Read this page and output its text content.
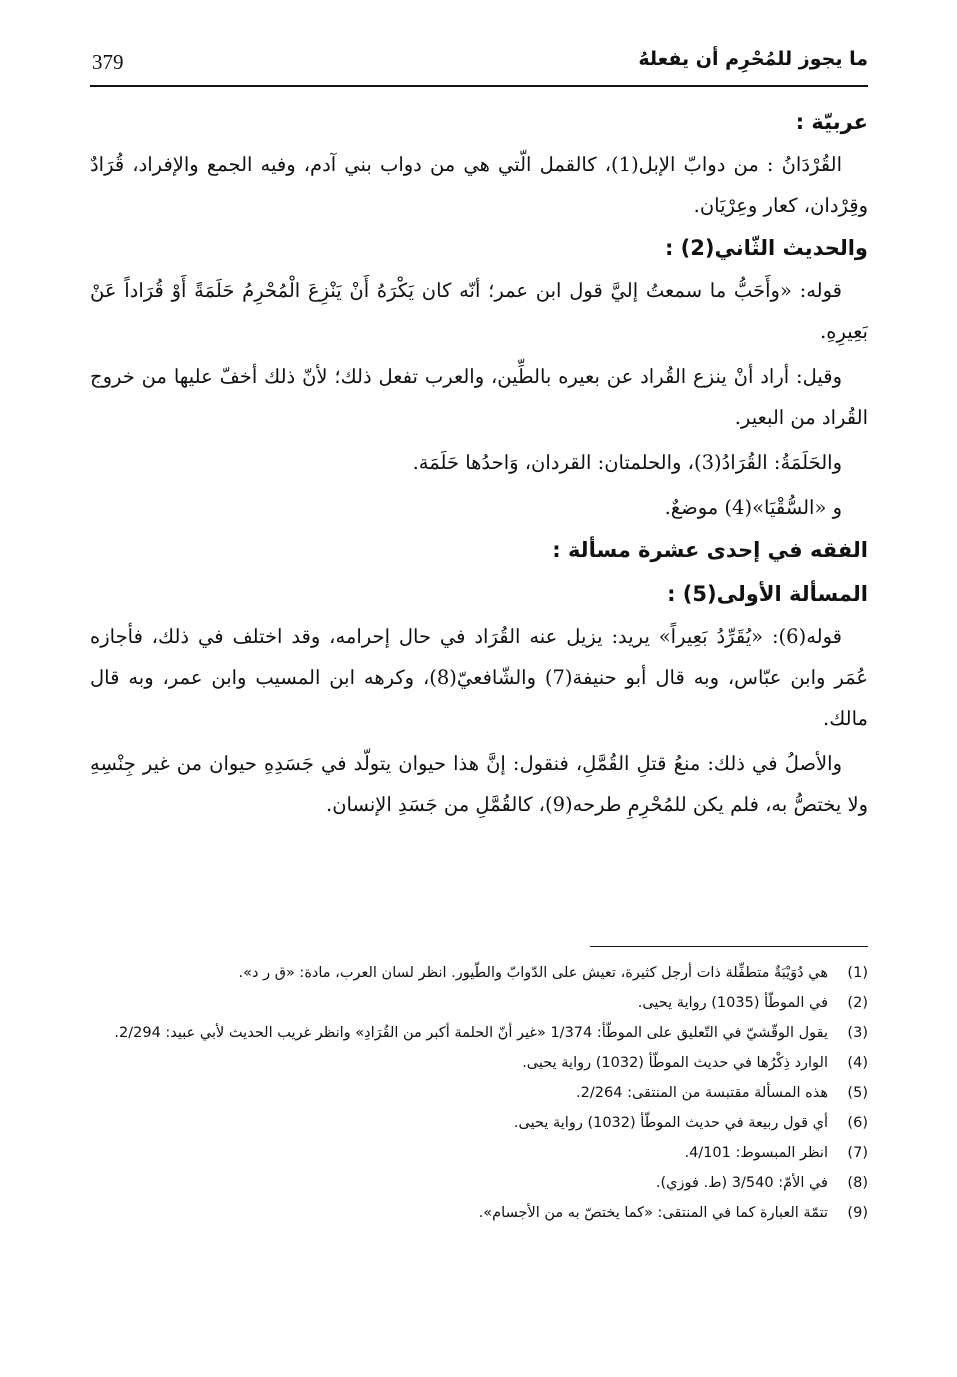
ما يجوز للمُحْرِم أن يفعلهُ
379

عربيّة :

القُرْدَانُ : من دوابّ الإبل(1)، كالقمل الّتي هي من دواب بني آدم، وفيه الجمع والإفراد، قُرَادٌ وقِرْدان، كعار وعِرْيَان.

والحديث الثّاني(2) :

قوله: «وأَحَبُّ ما سمعتُ إليَّ قول ابن عمر؛ أنّه كان يَكْرَهُ أَنْ يَنْزِعَ الْمُحْرِمُ حَلَمَةً أَوْ قُرَاداً عَنْ بَعِيرِهِ.

وقيل: أراد أنْ ينزع القُراد عن بعيره بالطِّين، والعرب تفعل ذلك؛ لأنّ ذلك أخفّ عليها من خروج القُراد من البعير.

والحَلَمَةُ: القُرَادُ(3)، والحلمتان: القردان، وَاحدُها حَلَمَة.

و «السُّقْيَا»(4) موضعٌ.

الفقه في إحدى عشرة مسألة :

المسألة الأولى(5) :

قوله(6): «يُقَرِّدُ بَعِيراً» يريد: يزيل عنه القُرَاد في حال إحرامه، وقد اختلف في ذلك، فأجازه عُمَر وابن عبّاس، وبه قال أبو حنيفة(7) والشّافعيّ(8)، وكرهه ابن المسيب وابن عمر، وبه قال مالك.

والأصلُ في ذلك: منعُ قتلِ القُمَّلِ، فنقول: إنَّ هذا حيوان يتولّد في جَسَدِهِ حيوان من غير جِنْسِهِ ولا يختصُّ به، فلم يكن للمُحْرِمِ طرحه(9)، كالقُمَّلِ من جَسَدِ الإنسان.

(1)
هي دُوَيْبَةٌ متطفِّلة ذات أرجل كثيرة، تعيش على الدّوابّ والطّيور. انظر لسان العرب، مادة: «ق ر د».
(2)
في الموطّأ (1035) رواية يحيى.
(3)
يقول الوقّشيّ في التّعليق على الموطّأ: 1/374 «غير أنّ الحلمة أكبر من القُرَادِ» وانظر غريب الحديث لأبي عبيد: 2/294.
(4)
الوارد ذِكْرُها في حديث الموطّأ (1032) رواية يحيى.
(5)
هذه المسألة مقتبسة من المنتقى: 2/264.
(6)
أي قول ربيعة في حديث الموطّأ (1032) رواية يحيى.
(7)
انظر المبسوط: 4/101.
(8)
في الأمّ: 3/540 (ط. فوزي).
(9)
تتمّة العبارة كما في المنتقى: «كما يختصّ به من الأجسام».
